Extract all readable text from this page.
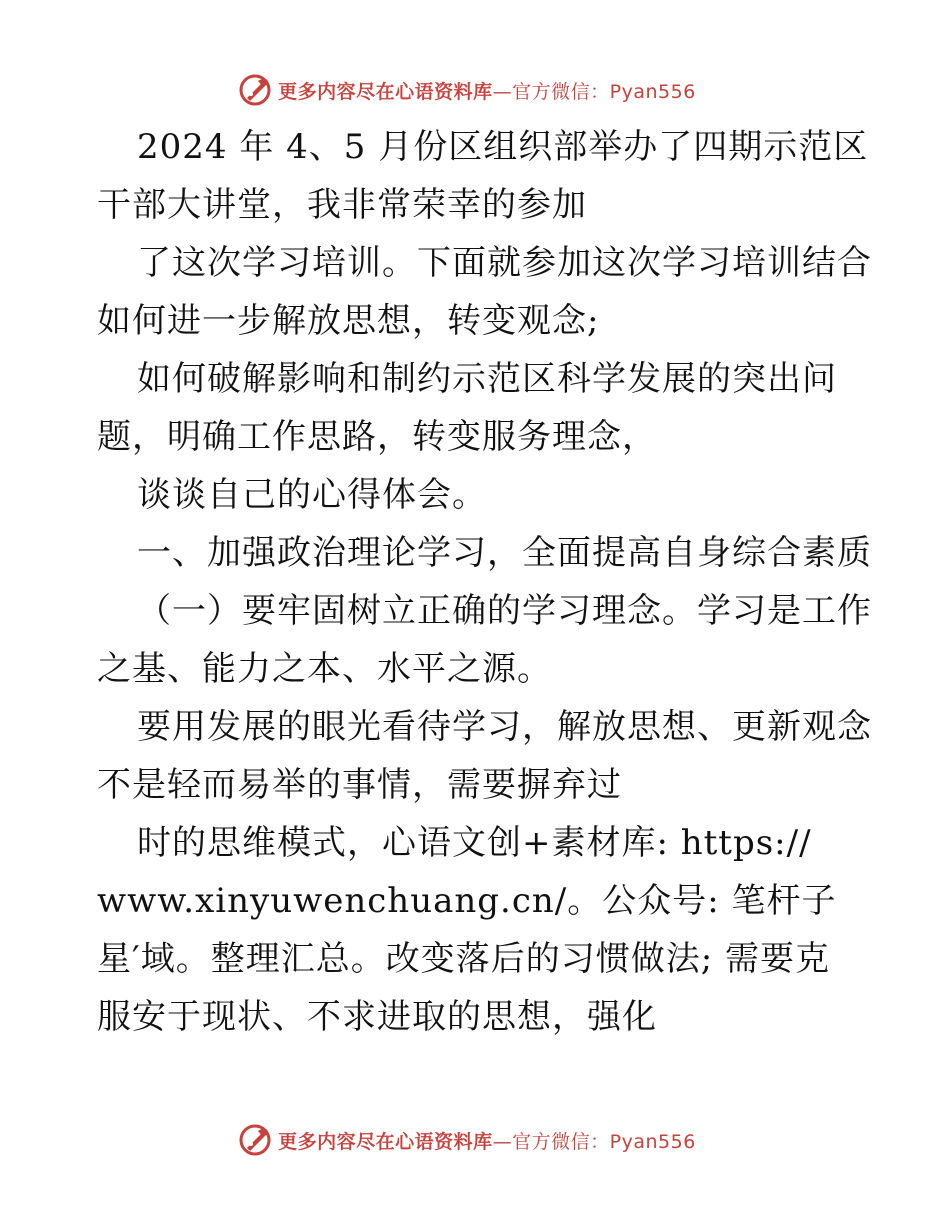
更多内容尽在心语资料库—官方微信：Pyan556
2024 年 4、5 月份区组织部举办了四期示范区
干部大讲堂，我非常荣幸的参加
了这次学习培训。下面就参加这次学习培训结合
如何进一步解放思想，转变观念;
如何破解影响和制约示范区科学发展的突出问
题，明确工作思路，转变服务理念，
谈谈自己的心得体会。
一、加强政治理论学习，全面提高自身综合素质
（一）要牢固树立正确的学习理念。学习是工作
之基、能力之本、水平之源。
要用发展的眼光看待学习，解放思想、更新观念
不是轻而易举的事情，需要摒弃过
时的思维模式，心语文创+素材库: https://
www.xinyuwenchuang.cn/。公众号: 笔杆子
星′域。整理汇总。改变落后的习惯做法; 需要克
服安于现状、不求进取的思想，强化
更多内容尽在心语资料库—官方微信：Pyan556
